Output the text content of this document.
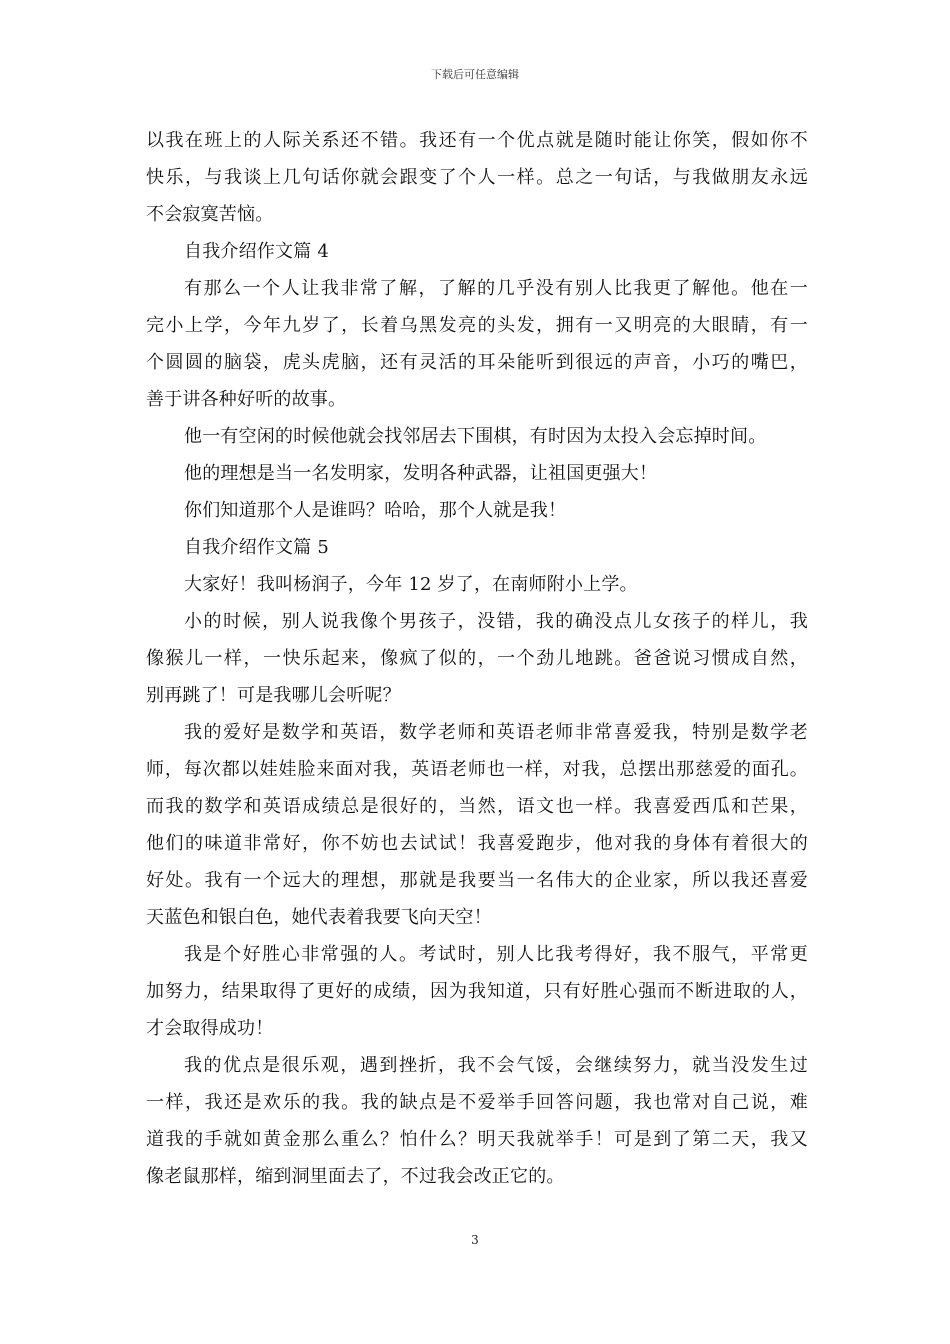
下载后可任意编辑
以我在班上的人际关系还不错。我还有一个优点就是随时能让你笑，假如你不
快乐，与我谈上几句话你就会跟变了个人一样。总之一句话，与我做朋友永远
不会寂寞苦恼。
自我介绍作文篇 4
有那么一个人让我非常了解，了解的几乎没有别人比我更了解他。他在一
完小上学，今年九岁了，长着乌黑发亮的头发，拥有一又明亮的大眼睛，有一
个圆圆的脑袋，虎头虎脑，还有灵活的耳朵能听到很远的声音，小巧的嘴巴，
善于讲各种好听的故事。
他一有空闲的时候他就会找邻居去下围棋，有时因为太投入会忘掉时间。
他的理想是当一名发明家，发明各种武器，让祖国更强大！
你们知道那个人是谁吗？哈哈，那个人就是我！
自我介绍作文篇 5
大家好！我叫杨润子，今年 12 岁了，在南师附小上学。
小的时候，别人说我像个男孩子，没错，我的确没点儿女孩子的样儿，我
像猴儿一样，一快乐起来，像疯了似的，一个劲儿地跳。爸爸说习惯成自然，
别再跳了！可是我哪儿会听呢？
我的爱好是数学和英语，数学老师和英语老师非常喜爱我，特别是数学老
师，每次都以娃娃脸来面对我，英语老师也一样，对我，总摆出那慈爱的面孔。
而我的数学和英语成绩总是很好的，当然，语文也一样。我喜爱西瓜和芒果，
他们的味道非常好，你不妨也去试试！我喜爱跑步，他对我的身体有着很大的
好处。我有一个远大的理想，那就是我要当一名伟大的企业家，所以我还喜爱
天蓝色和银白色，她代表着我要飞向天空！
我是个好胜心非常强的人。考试时，别人比我考得好，我不服气，平常更
加努力，结果取得了更好的成绩，因为我知道，只有好胜心强而不断进取的人，
才会取得成功！
我的优点是很乐观，遇到挫折，我不会气馁，会继续努力，就当没发生过
一样，我还是欢乐的我。我的缺点是不爱举手回答问题，我也常对自己说，难
道我的手就如黄金那么重么？怕什么？明天我就举手！可是到了第二天，我又
像老鼠那样，缩到洞里面去了，不过我会改正它的。
3
